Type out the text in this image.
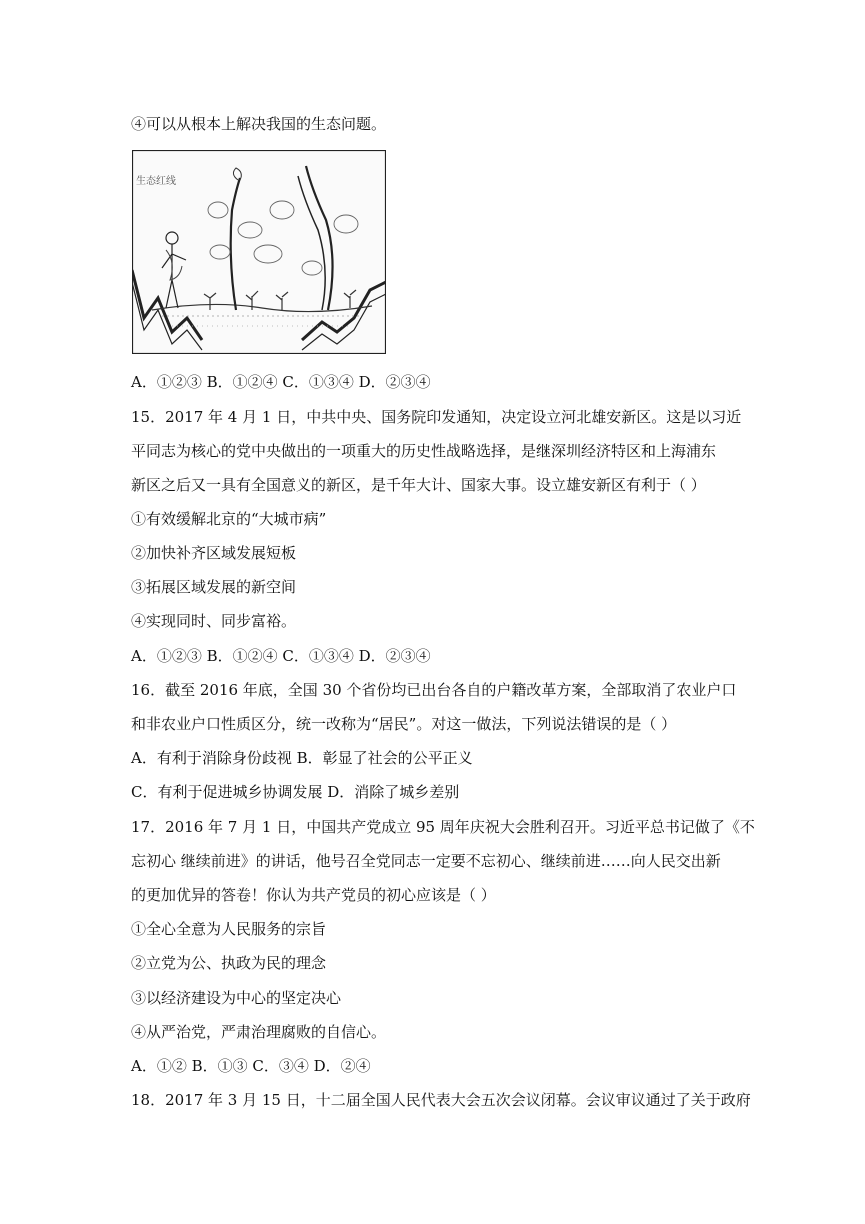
④可以从根本上解决我国的生态问题。
生态红线
A．①②③ B．①②④ C．①③④ D．②③④
15．2017 年 4 月 1 日，中共中央、国务院印发通知，决定设立河北雄安新区。这是以习近
平同志为核心的党中央做出的一项重大的历史性战略选择，是继深圳经济特区和上海浦东
新区之后又一具有全国意义的新区，是千年大计、国家大事。设立雄安新区有利于（ ）
①有效缓解北京的“大城市病”
②加快补齐区域发展短板
③拓展区域发展的新空间
④实现同时、同步富裕。
A．①②③ B．①②④ C．①③④ D．②③④
16．截至 2016 年底，全国 30 个省份均已出台各自的户籍改革方案，全部取消了农业户口
和非农业户口性质区分，统一改称为“居民”。对这一做法，下列说法错误的是（ ）
A．有利于消除身份歧视 B．彰显了社会的公平正义
C．有利于促进城乡协调发展 D．消除了城乡差别
17．2016 年 7 月 1 日，中国共产党成立 95 周年庆祝大会胜利召开。习近平总书记做了《不
忘初心 继续前进》的讲话，他号召全党同志一定要不忘初心、继续前进……向人民交出新
的更加优异的答卷！你认为共产党员的初心应该是（ ）
①全心全意为人民服务的宗旨
②立党为公、执政为民的理念
③以经济建设为中心的坚定决心
④从严治党，严肃治理腐败的自信心。
A．①② B．①③ C．③④ D．②④
18．2017 年 3 月 15 日，十二届全国人民代表大会五次会议闭幕。会议审议通过了关于政府
